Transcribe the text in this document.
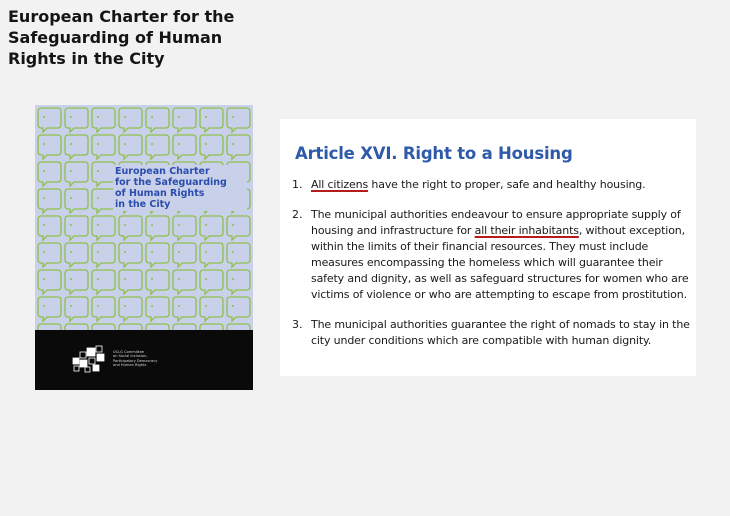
European Charter for the Safeguarding of Human Rights in the City
European Charter
for the Safeguarding
of Human Rights
in the City
UCLG Committee
on Social Inclusion,
Participatory Democracy
and Human Rights
Article XVI. Right to a Housing
1. All citizens have the right to proper, safe and healthy housing.
2. The municipal authorities endeavour to ensure appropriate supply of housing and infrastructure for all their inhabitants, without exception, within the limits of their financial resources. They must include measures encompassing the homeless which will guarantee their safety and dignity, as well as safeguard structures for women who are victims of violence or who are attempting to escape from prostitution.
3. The municipal authorities guarantee the right of nomads to stay in the city under conditions which are compatible with human dignity.
